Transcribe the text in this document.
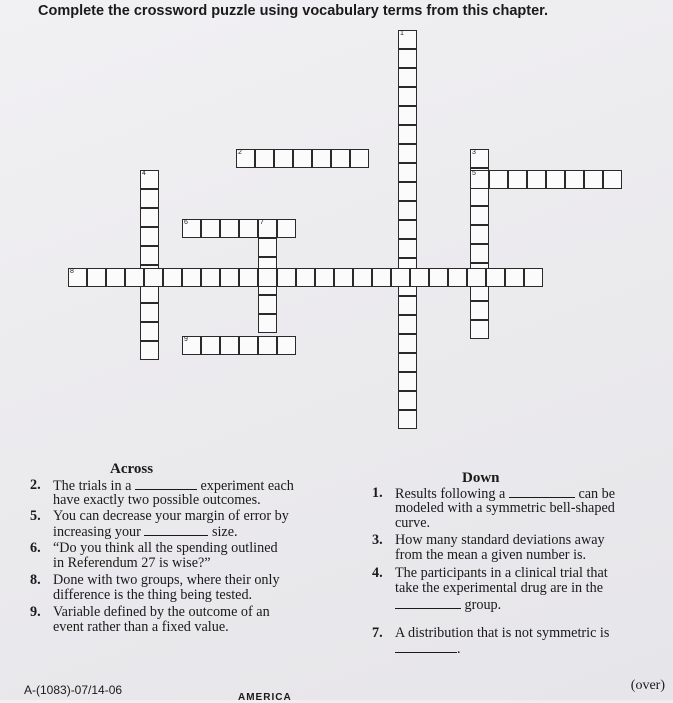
Complete the crossword puzzle using vocabulary terms from this chapter.
1
2	3
5
4
6	7
8
9
Across
2. The trials in a	experiment each
have exactly two possible outcomes.
5. You can decrease your margin of error by
increasing your	size.
6. “Do you think all the spending outlined
in Referendum 27 is wise?”
8. Done with two groups, where their only
difference is the thing being tested.
9. Variable defined by the outcome of an
event rather than a fixed value.
Down
1. Results following a	can be
modeled with a symmetric bell-shaped
curve.
3. How many standard deviations away
from the mean a given number is.
4. The participants in a clinical trial that
take the experimental drug are in the
group.
7. A distribution that is not symmetric is
.
A-(1083)-07/14-06
AMERICA
(over)
